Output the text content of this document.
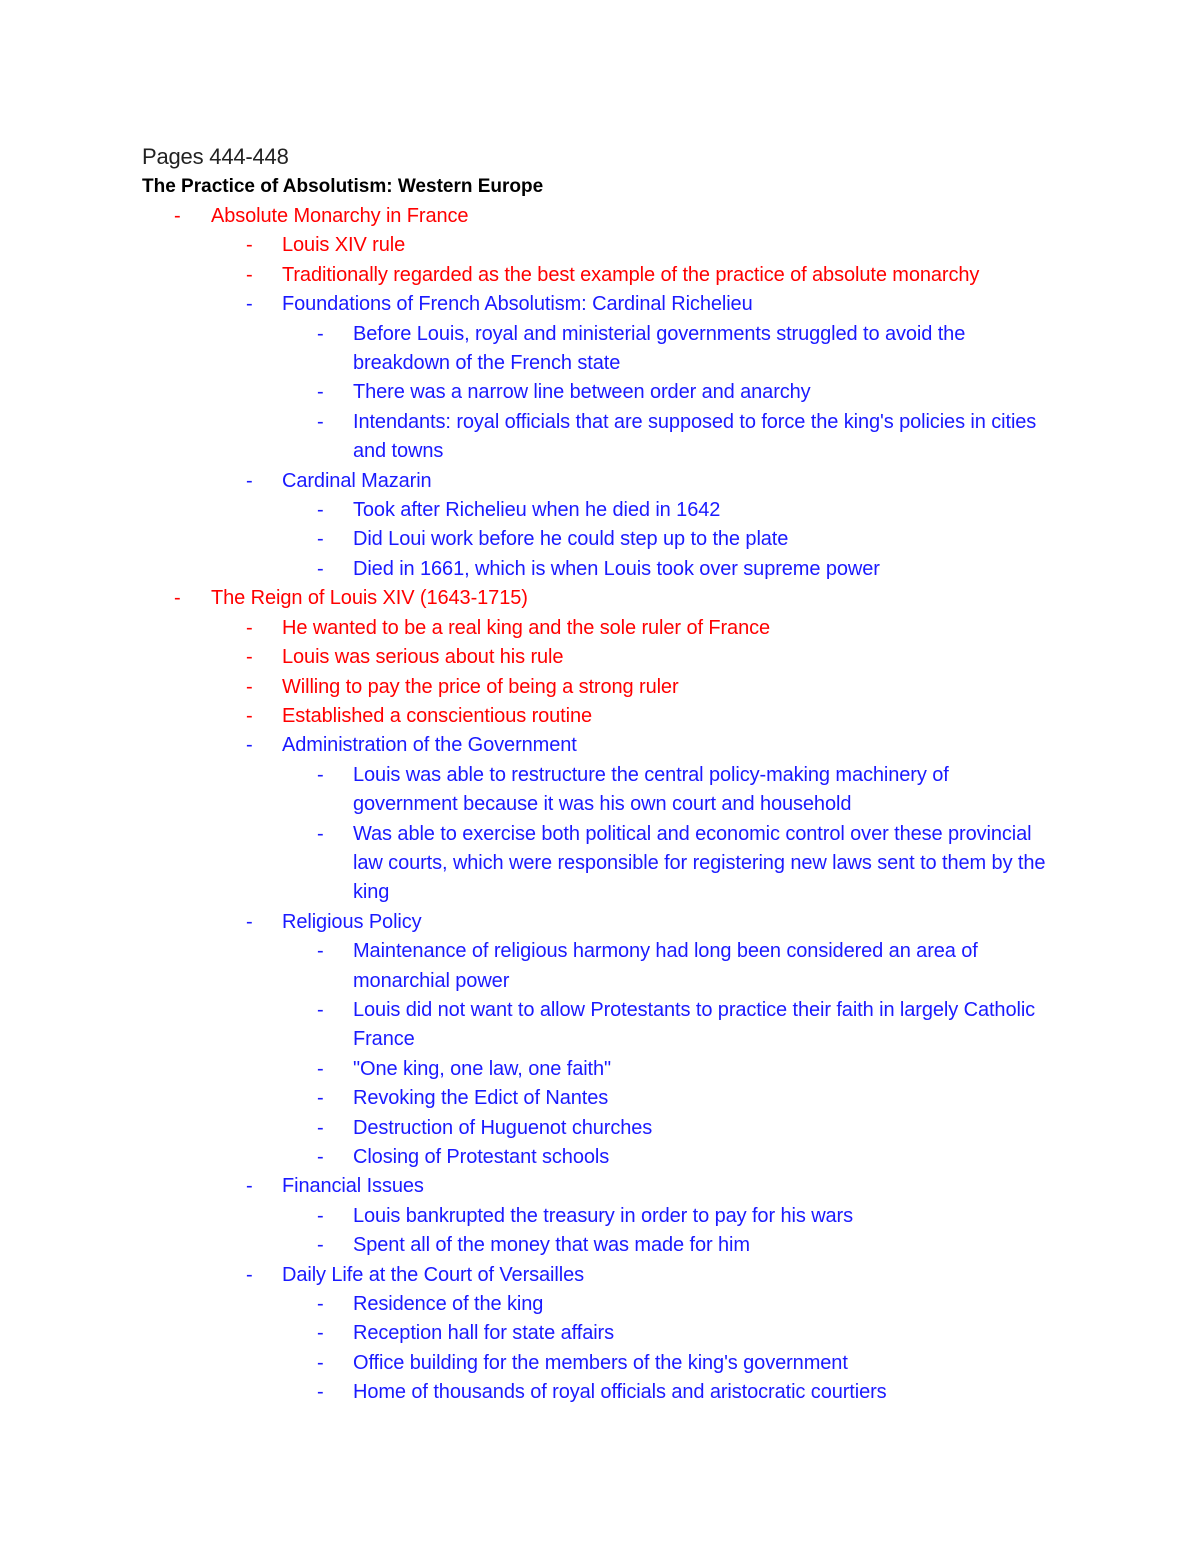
Pages 444-448

The Practice of Absolutism: Western Europe

- Absolute Monarchy in France
- Louis XIV rule
- Traditionally regarded as the best example of the practice of absolute monarchy
- Foundations of French Absolutism: Cardinal Richelieu
- Before Louis, royal and ministerial governments struggled to avoid the breakdown of the French state
- There was a narrow line between order and anarchy
- Intendants: royal officials that are supposed to force the king's policies in cities and towns
- Cardinal Mazarin
- Took after Richelieu when he died in 1642
- Did Loui work before he could step up to the plate
- Died in 1661, which is when Louis took over supreme power
- The Reign of Louis XIV (1643-1715)
- He wanted to be a real king and the sole ruler of France
- Louis was serious about his rule
- Willing to pay the price of being a strong ruler
- Established a conscientious routine
- Administration of the Government
- Louis was able to restructure the central policy-making machinery of government because it was his own court and household
- Was able to exercise both political and economic control over these provincial law courts, which were responsible for registering new laws sent to them by the king
- Religious Policy
- Maintenance of religious harmony had long been considered an area of monarchial power
- Louis did not want to allow Protestants to practice their faith in largely Catholic France
- "One king, one law, one faith"
- Revoking the Edict of Nantes
- Destruction of Huguenot churches
- Closing of Protestant schools
- Financial Issues
- Louis bankrupted the treasury in order to pay for his wars
- Spent all of the money that was made for him
- Daily Life at the Court of Versailles
- Residence of the king
- Reception hall for state affairs
- Office building for the members of the king's government
- Home of thousands of royal officials and aristocratic courtiers
